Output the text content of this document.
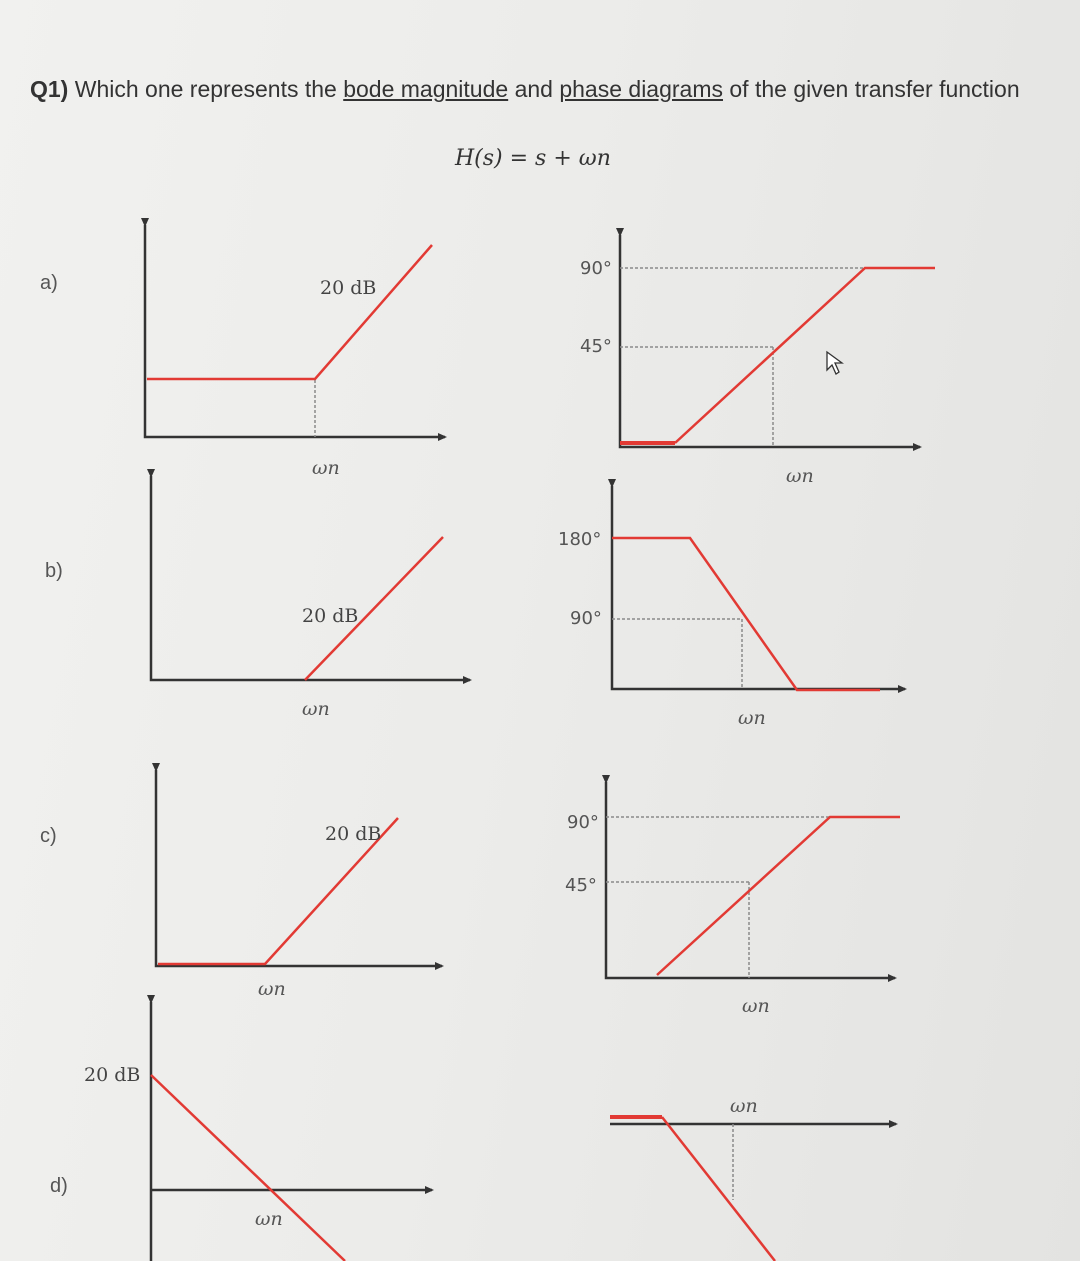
Q1) Which one represents the bode magnitude and phase diagrams of the given transfer function
H(s) = s + ωn
a)
b)
c)
d)
20 dB
ωn
90°
45°
ωn
20 dB
ωn
180°
90°
ωn
20 dB
ωn
90°
45°
ωn
20 dB
ωn
ωn
